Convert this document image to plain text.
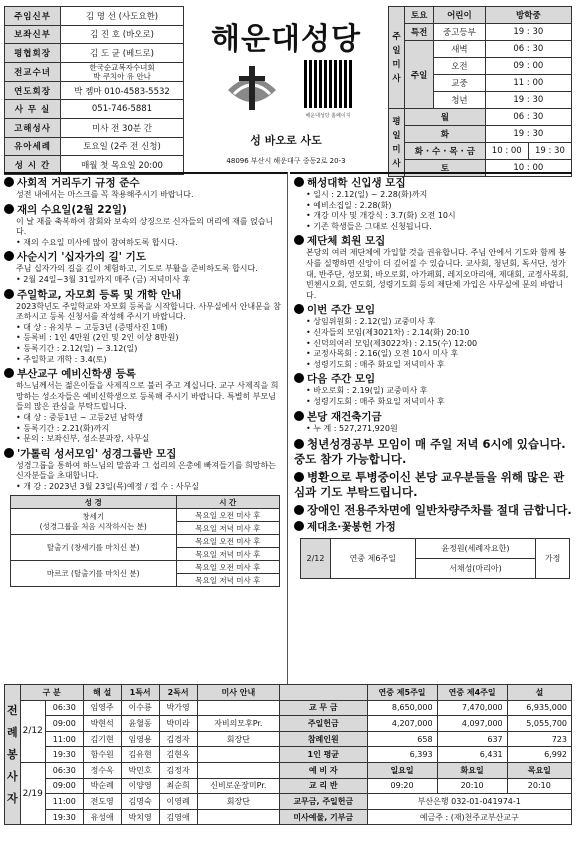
주임신부	김 명 선 (사도요한)

보좌신부	김 진 호 (바오로)

평협회장	김 도 균 (베드로)

전교수녀	한국순교복자수녀회
박 쿠치아 유 안나

연도회장	박 젬마 010-4583-5532

사 무 실	051-746-5881

고해성사	미사 전 30분 간

유아세례	토요일 (2주 전 신청)

성 시 간	매월 첫 목요일 20:00
해운대성당
해운대성당 홈페이지
성 바오로 사도
48096 부산시 해운대구 중동2로 20-3
주일미사	토요	어린이	방학중	
	특전	중고등부	19 : 30	
	주일	새벽	06 : 30	
		오전	09 : 00	
		교중	11 : 00	
		청년	19 : 30	
평일미사	월		06 : 30	
	화		19 : 30	
	화 · 수 · 목 · 금		10 : 00	19 : 30
	토		10 : 00	
사회적 거리두기 규정 준수

성전 내에서는 마스크를 꼭 착용해주시기 바랍니다.

재의 수요일(2월 22일)

이 날 재를 축복하여 참회와 보속의 상징으로 신자들의 머리에 재를 얹습니다.

• 재의 수요일 미사에 많이 참여하도록 합시다.
사순시기 '십자가의 길' 기도

주님 십자가의 길을 깊이 체험하고, 기도로 부활을 준비하도록 합시다.

• 2월 24일~3월 31일까지 매주 (금) 저녁미사 후
주일학교, 자모회 등록 및 개학 안내

2023학년도 주일학교와 자모회 등록을 시작합니다. 사무실에서 안내문을 참조하시고 등록 신청서를 작성해 주시기 바랍니다.

• 대 상 : 유치부 ~ 고등3년 (증명사진 1매)
• 등록비 : 1인 4만원 (2인 및 2인 이상 8만원)
• 등록기간 : 2.12(일) ~ 3.12(일)
• 주일학교 개학 : 3.4(토)
부산교구 예비신학생 등록

하느님께서는 젊은이들을 사제직으로 불러 주고 계십니다. 교구 사제직을 희망하는 성소자들은 예비신학생으로 등록해 주시기 바랍니다. 특별히 부모님들의 많은 관심을 부탁드립니다.

• 대 상 : 중등1년 ~ 고등2년 남학생
• 등록기간 : 2.21(화)까지
• 문의 : 보좌신부, 성소분과장, 사무실
'가톨릭 성서모임' 성경그룹반 모집

성경그룹을 통하여 하느님의 말씀과 그 섭리의 은총에 빠져들기를 희망하는 신자분들을 초대합니다.

• 개 강 : 2023년 3월 23일(목)예정 / 접 수 : 사무실
성 경	시 간

창세기
(성경그룹을 처음 시작하시는 분)	목요일 오전 미사 후
	목요일 저녁 미사 후

탈출기 (창세기를 마치신 분)	목요일 오전 미사 후
	목요일 저녁 미사 후

마르코 (탈출기를 마치신 분)	목요일 오전 미사 후
	목요일 저녁 미사 후
해성대학 신입생 모집
• 일시 : 2.12(일) ~ 2.28(화)까지
• 예비소집일 : 2.28(화)
• 개강 미사 및 개강식 : 3.7(화) 오전 10시
• 기존 학생들은 그대로 신청됩니다.
제단체 회원 모집

본당의 여러 제단체에 가입할 것을 권유합니다. 주님 안에서 기도와 함께 봉사를 실행하면 신앙이 더 깊어질 수 있습니다. 교사회, 청년회, 독서단, 성가대, 반주단, 성모회, 바오로회, 아가페회, 레지오마리애, 제대회, 교정사목회, 빈첸시오회, 연도회, 성령기도회 등의 제단체 가입은 사무실에 문의 바랍니다.

이번 주간 모임
• 상임위원회 : 2.12(일) 교중미사 후
• 신자들의 모임(제3021차) : 2.14(화) 20:10
• 신덕의여러 모임(제3022차) : 2.15(수) 12:00
• 교정사목회 : 2.16(일) 오전 10시 미사 후
• 성령기도회 : 매주 화요일 저녁미사 후
다음 주간 모임
• 바오로회 : 2.19(일) 교중미사 후
• 성령기도회 : 매주 화요일 저녁미사 후
본당 재건축기금
• 누 계 : 527,271,920원
청년성경공부 모임이 매 주일 저녁 6시에 있습니다. 중도 참가 가능합니다.
병환으로 투병중이신 본당 교우분들을 위해 많은 관심과 기도 부탁드립니다.
장애인 전용주차면에 일반차량주차를 절대 금합니다.
제대초·꽃봉헌 가정
2/12	연중 제6주일	윤정원(세례자요한)	가정
서채성(마리아)
전례봉사자	구 분		해 설	1독서	2독서	미사 안내		연중 제5주일	연중 제4주일	설
	2/12	06:30	임영주	이수룡	박가영		교 무 금	8,650,000	7,470,000	6,935,000
		09:00	박현석	윤혈동	박미라	자비의모후Pr.	주일헌금	4,207,000	4,097,000	5,055,700
		11:00	김기현	임영용	김경자	회장단	참례인원	658	637	723
		19:30	함수원	김유현	김현옥		1인 평균	6,393	6,431	6,992
	2/19	06:30	정수옥	박민호	김정자		예 비 자	일요일	화요일	목요일
		09:00	박순례	이양영	최순희	신비로운장미Pr.	교 리 반	09:20	20:10	20:10
		11:00	전도영	김명숙	이영례	회장단	교무금, 주일헌금	부산은행 032-01-041974-1		
		19:30	유성애	박치영	김영애		미사예물, 기부금	예금주 : (재)천주교부산교구		
